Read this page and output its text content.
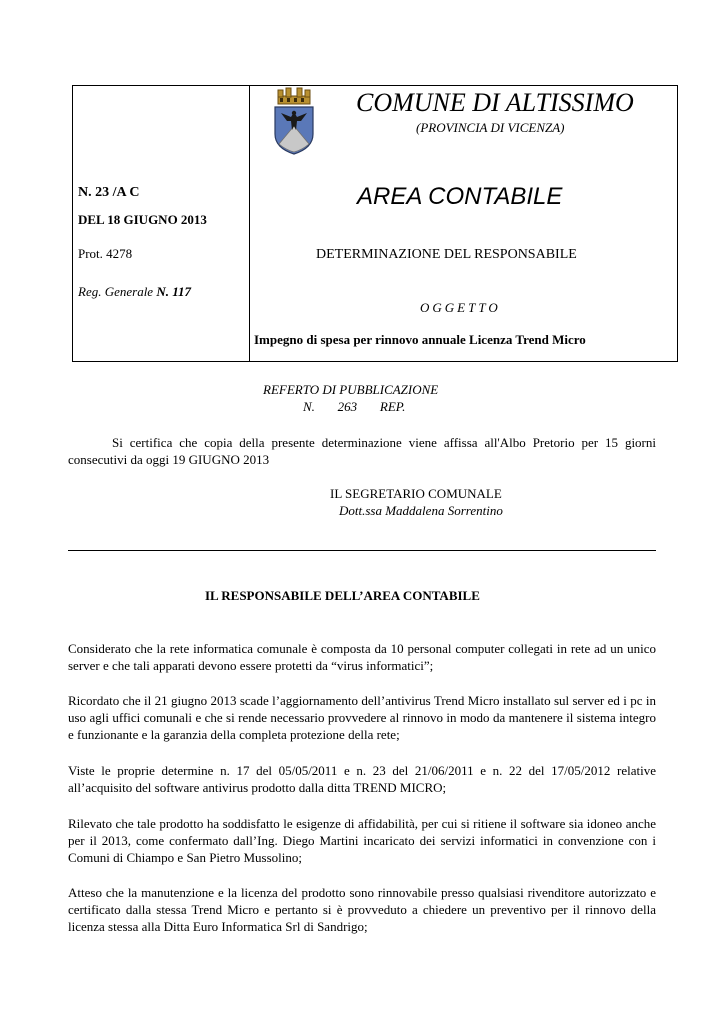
COMUNE DI ALTISSIMO
(PROVINCIA DI VICENZA)
AREA CONTABILE
DETERMINAZIONE DEL RESPONSABILE
OGGETTO
Impegno di spesa per rinnovo annuale Licenza Trend Micro
N. 23 /A C
DEL 18 GIUGNO 2013
Prot. 4278
Reg. Generale N. 117
REFERTO DI PUBBLICAZIONE
N.       263       REP.

Si certifica che copia della presente determinazione viene affissa all'Albo Pretorio per 15 giorni consecutivi da oggi 19 GIUGNO 2013

IL SEGRETARIO COMUNALE
Dott.ssa Maddalena Sorrentino
IL RESPONSABILE DELL’AREA CONTABILE

Considerato che la rete informatica comunale è composta da 10 personal computer collegati in rete ad un unico server e che tali apparati devono essere protetti da “virus informatici”;

Ricordato che il 21 giugno 2013 scade l’aggiornamento dell’antivirus Trend Micro installato sul server ed i pc in uso agli uffici comunali e che si rende necessario provvedere al rinnovo in modo da mantenere il sistema integro e funzionante e la garanzia della completa protezione della rete;

Viste le proprie determine n. 17 del 05/05/2011 e n. 23 del 21/06/2011 e n. 22 del 17/05/2012 relative all’acquisito del software antivirus prodotto dalla ditta TREND MICRO;

Rilevato che tale prodotto ha soddisfatto le esigenze di affidabilità, per cui si ritiene il software sia idoneo anche per il 2013, come confermato dall’Ing. Diego Martini incaricato dei servizi informatici in convenzione con i Comuni di Chiampo e San Pietro Mussolino;

Atteso che la manutenzione e la licenza del prodotto sono rinnovabile presso qualsiasi rivenditore autorizzato e certificato dalla stessa Trend Micro e pertanto si è provveduto a chiedere un preventivo per il rinnovo della licenza stessa alla Ditta Euro Informatica Srl di Sandrigo;
